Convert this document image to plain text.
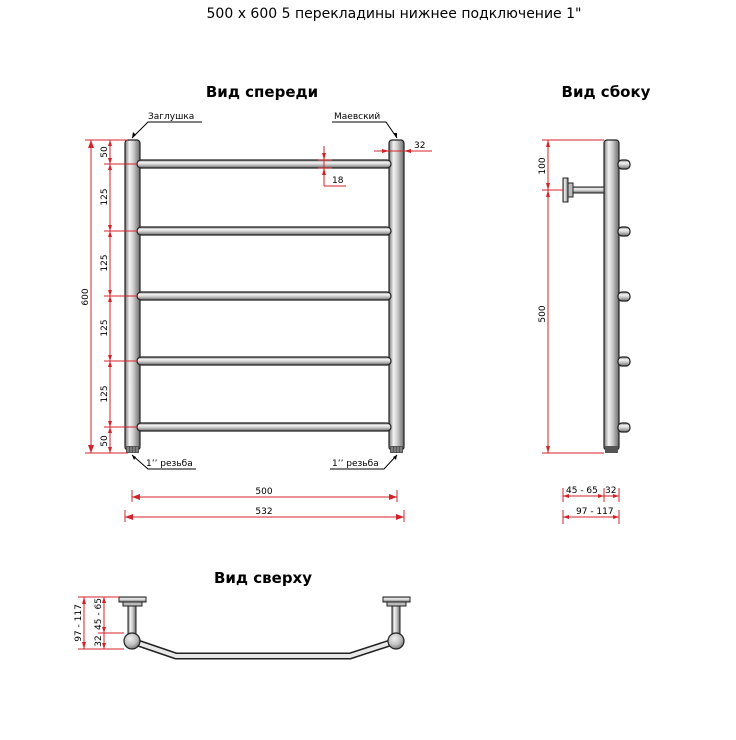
500 x 600 5 перекладины нижнее подключение 1"
Вид спереди	Вид сбоку
Вид сверху
Заглушка	Маевский
1’’ резьба	1’’ резьба
600
50
125
125
125
125
50
32
18
500
532
100
500
45 - 65 32
97 - 117
97 - 117 45 - 65
32
